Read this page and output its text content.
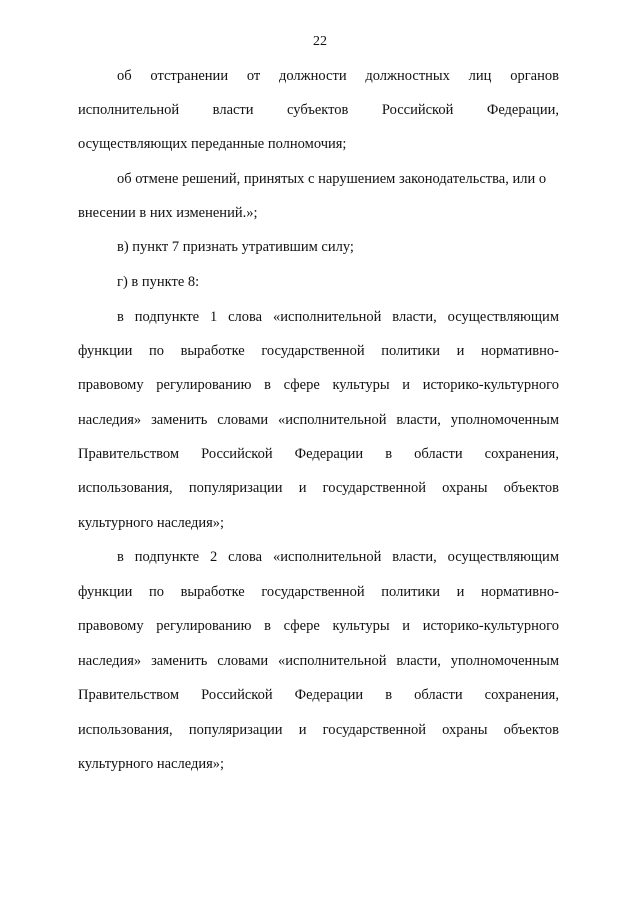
22
об отстранении от должности должностных лиц органов
исполнительной власти субъектов Российской Федерации,
осуществляющих переданные полномочия;
об отмене решений, принятых с нарушением законодательства, или о
внесении в них изменений.»;
в) пункт 7 признать утратившим силу;
г) в пункте 8:
в подпункте 1 слова «исполнительной власти, осуществляющим
функции по выработке государственной политики и нормативно-
правовому регулированию в сфере культуры и историко-культурного
наследия» заменить словами «исполнительной власти, уполномоченным
Правительством Российской Федерации в области сохранения,
использования, популяризации и государственной охраны объектов
культурного наследия»;
в подпункте 2 слова «исполнительной власти, осуществляющим
функции по выработке государственной политики и нормативно-
правовому регулированию в сфере культуры и историко-культурного
наследия» заменить словами «исполнительной власти, уполномоченным
Правительством Российской Федерации в области сохранения,
использования, популяризации и государственной охраны объектов
культурного наследия»;
